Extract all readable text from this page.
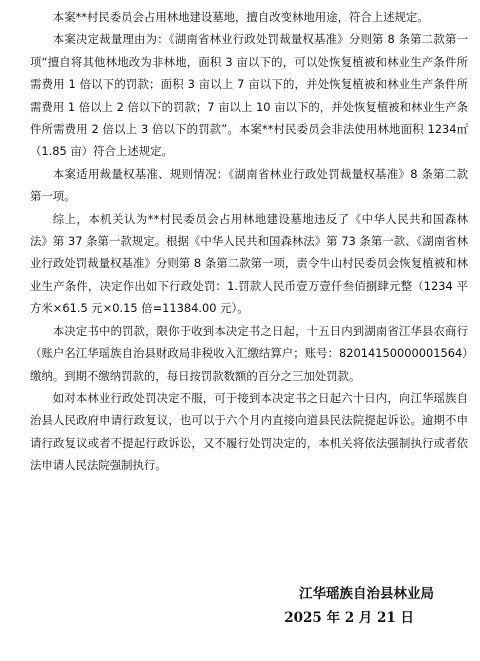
本案**村民委员会占用林地建设墓地，擅自改变林地用途，符合上述规定。

本案决定裁量理由为：《湖南省林业行政处罚裁量权基准》分则第 8 条第二款第一项“擅自将其他林地改为非林地，面积 3 亩以下的，可以处恢复植被和林业生产条件所需费用 1 倍以下的罚款；面积 3 亩以上 7 亩以下的，并处恢复植被和林业生产条件所需费用 1 倍以上 2 倍以下的罚款；7 亩以上 10 亩以下的，并处恢复植被和林业生产条件所需费用 2 倍以上 3 倍以下的罚款”。本案**村民委员会非法使用林地面积 1234㎡（1.85 亩）符合上述规定。

本案适用裁量权基准、规则情况：《湖南省林业行政处罚裁量权基准》8 条第二款第一项。

综上，本机关认为**村民委员会占用林地建设墓地违反了《中华人民共和国森林法》第 37 条第一款规定。根据《中华人民共和国森林法》第 73 条第一款、《湖南省林业行政处罚裁量权基准》分则第 8 条第二款第一项，责令牛山村民委员会恢复植被和林业生产条件，决定作出如下行政处罚：1.罚款人民币壹万壹仟叁佰捌肆元整（1234 平方米×61.5 元×0.15 倍=11384.00 元）。

本决定书中的罚款，限你于收到本决定书之日起，十五日内到湖南省江华县农商行（账户名江华瑶族自治县财政局非税收入汇缴结算户；账号：82014150000001564）缴纳。到期不缴纳罚款的，每日按罚款数额的百分之三加处罚款。

如对本林业行政处罚决定不服，可于接到本决定书之日起六十日内，向江华瑶族自治县人民政府申请行政复议，也可以于六个月内直接向道县民法院提起诉讼。逾期不申请行政复议或者不提起行政诉讼，又不履行处罚决定的，本机关将依法强制执行或者依法申请人民法院强制执行。

江华瑶族自治县林业局
2025 年 2 月 21 日
